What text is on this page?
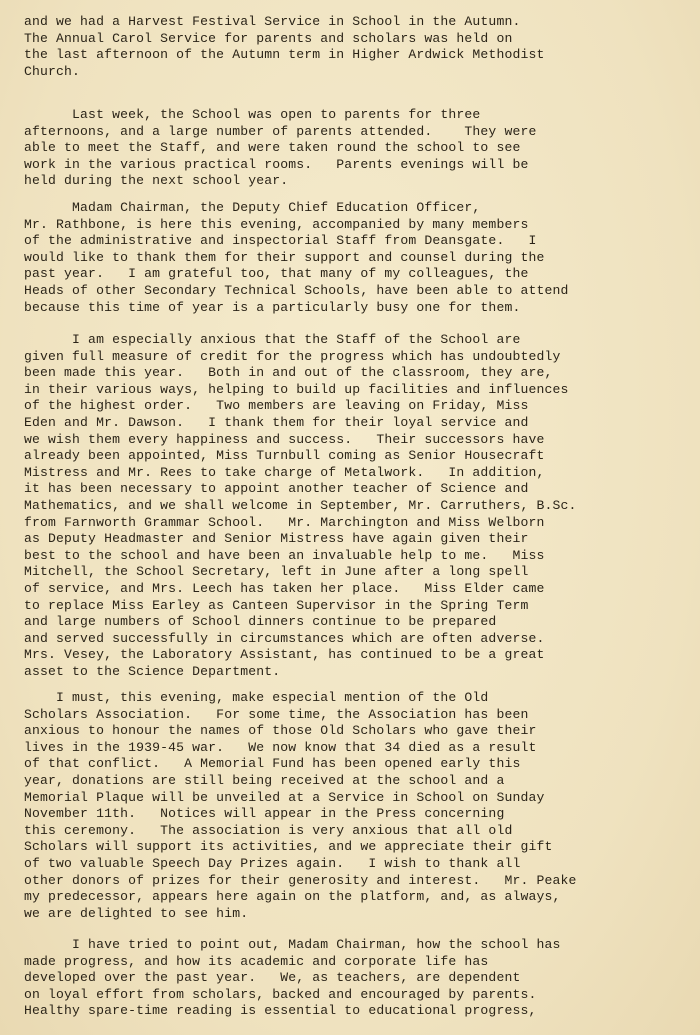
and we had a Harvest Festival Service in School in the Autumn.
The Annual Carol Service for parents and scholars was held on
the last afternoon of the Autumn term in Higher Ardwick Methodist
Church.

Last week, the School was open to parents for three
afternoons, and a large number of parents attended.    They were
able to meet the Staff, and were taken round the school to see
work in the various practical rooms.   Parents evenings will be
held during the next school year.

Madam Chairman, the Deputy Chief Education Officer,
Mr. Rathbone, is here this evening, accompanied by many members
of the administrative and inspectorial Staff from Deansgate.   I
would like to thank them for their support and counsel during the
past year.   I am grateful too, that many of my colleagues, the
Heads of other Secondary Technical Schools, have been able to attend
because this time of year is a particularly busy one for them.

I am especially anxious that the Staff of the School are
given full measure of credit for the progress which has undoubtedly
been made this year.   Both in and out of the classroom, they are,
in their various ways, helping to build up facilities and influences
of the highest order.   Two members are leaving on Friday, Miss
Eden and Mr. Dawson.   I thank them for their loyal service and
we wish them every happiness and success.   Their successors have
already been appointed, Miss Turnbull coming as Senior Housecraft
Mistress and Mr. Rees to take charge of Metalwork.   In addition,
it has been necessary to appoint another teacher of Science and
Mathematics, and we shall welcome in September, Mr. Carruthers, B.Sc.
from Farnworth Grammar School.   Mr. Marchington and Miss Welborn
as Deputy Headmaster and Senior Mistress have again given their
best to the school and have been an invaluable help to me.   Miss
Mitchell, the School Secretary, left in June after a long spell
of service, and Mrs. Leech has taken her place.   Miss Elder came
to replace Miss Earley as Canteen Supervisor in the Spring Term
and large numbers of School dinners continue to be prepared
and served successfully in circumstances which are often adverse.
Mrs. Vesey, the Laboratory Assistant, has continued to be a great
asset to the Science Department.

I must, this evening, make especial mention of the Old
Scholars Association.   For some time, the Association has been
anxious to honour the names of those Old Scholars who gave their
lives in the 1939-45 war.   We now know that 34 died as a result
of that conflict.   A Memorial Fund has been opened early this
year, donations are still being received at the school and a
Memorial Plaque will be unveiled at a Service in School on Sunday
November 11th.   Notices will appear in the Press concerning
this ceremony.   The association is very anxious that all old
Scholars will support its activities, and we appreciate their gift
of two valuable Speech Day Prizes again.   I wish to thank all
other donors of prizes for their generosity and interest.   Mr. Peake
my predecessor, appears here again on the platform, and, as always,
we are delighted to see him.

I have tried to point out, Madam Chairman, how the school has
made progress, and how its academic and corporate life has
developed over the past year.   We, as teachers, are dependent
on loyal effort from scholars, backed and encouraged by parents.
Healthy spare-time reading is essential to educational progress,
